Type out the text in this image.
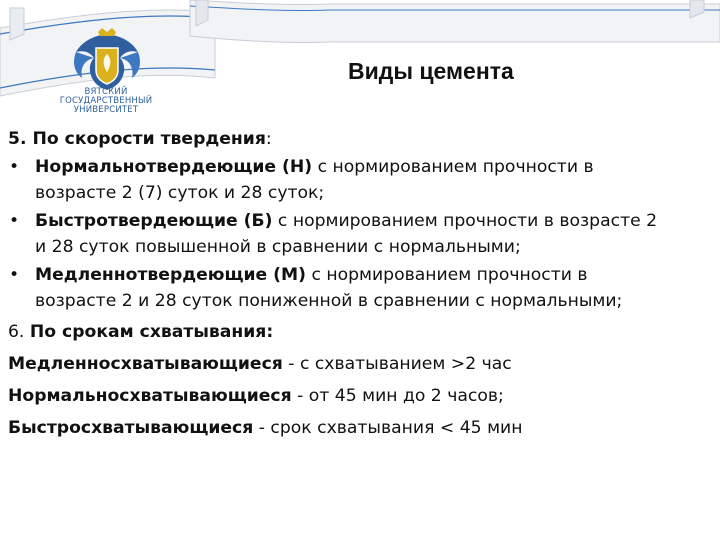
ВЯТСКИЙ
ГОСУДАРСТВЕННЫЙ
УНИВЕРСИТЕТ
Виды цемента
5. По скорости твердения:
• Нормальнотвердеющие (Н) с нормированием прочности в
возрасте 2 (7) суток и 28 суток;
• Быстротвердеющие (Б) с нормированием прочности в возрасте 2
и 28 суток повышенной в сравнении с нормальными;
• Медленнотвердеющие (М) с нормированием прочности в
возрасте 2 и 28 суток пониженной в сравнении с нормальными;
6. По срокам схватывания:
Медленносхватывающиеся - с схватыванием >2 час
Нормальносхватывающиеся - от 45 мин до 2 часов;
Быстросхватывающиеся - срок схватывания < 45 мин
